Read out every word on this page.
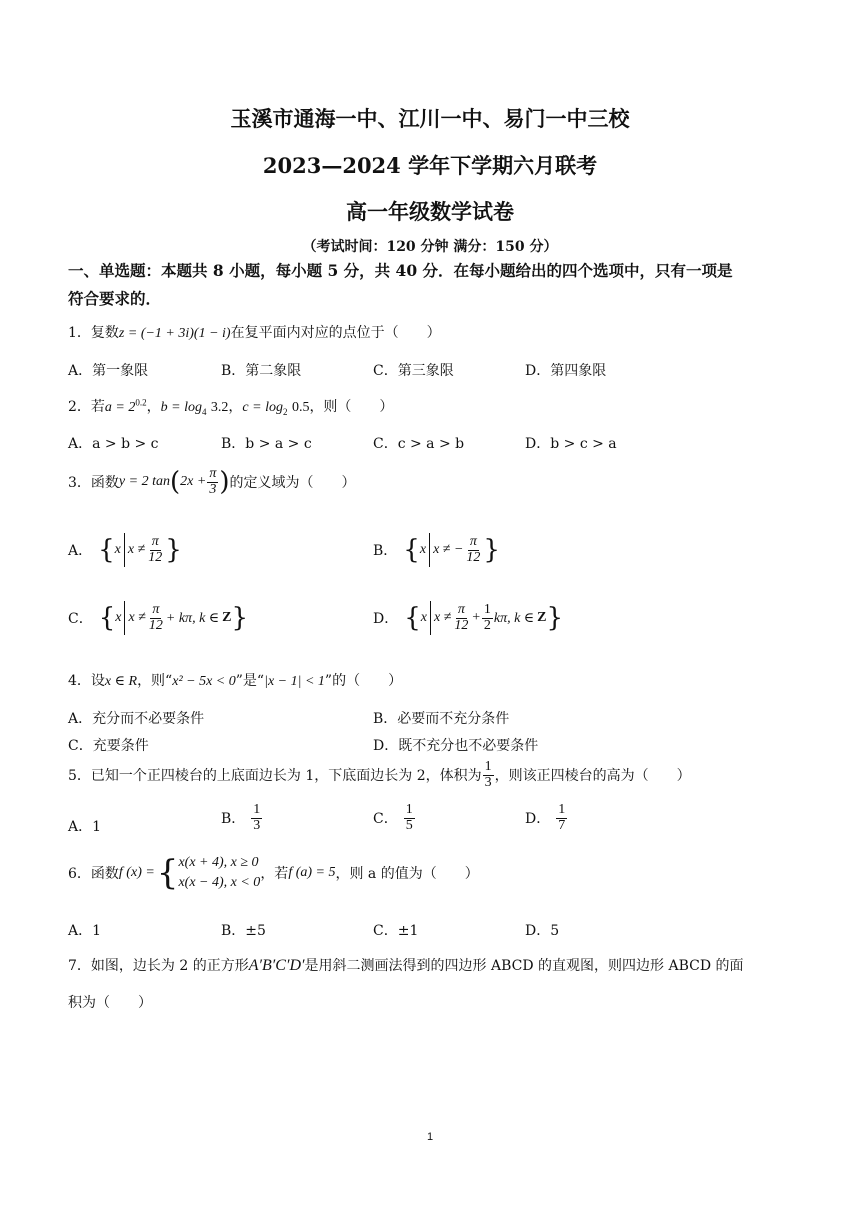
玉溪市通海一中、江川一中、易门一中三校
2023—2024 学年下学期六月联考
高一年级数学试卷
（考试时间：120 分钟 满分：150 分）
一、单选题：本题共 8 小题，每小题 5 分，共 40 分．在每小题给出的四个选项中，只有一项是
符合要求的．
1．复数z = (−1 + 3i)(1 − i)在复平面内对应的点位于（　　）
A．第一象限	B．第二象限	C．第三象限	D．第四象限
2．若$a = 2^{0.2}$，$b = \log_4 3.2$，$c = \log_2 0.5$，则（　　）
A．a > b > c	B．b > a > c	C．c > a > b	D．b > c > a
3． 函数 y = 2 tan ( $2x + \frac{\pi}{3}$ ) 的定义域为（　　）
A． { x $x \ne \frac{\pi}{12}$ }	B． { x x ≠ − $\frac{\pi}{12}$ }
C． { x $x \ne \frac{\pi}{12} + k\pi$, k ∈ Z }	D． { x $x \ne \frac{\pi}{12} + \frac{1}{2} k\pi$, k ∈ Z }
4．设x ∈ R，则“x² − 5x < 0”是“|x − 1| < 1”的（　　）
A．充分而不必要条件	B．必要而不充分条件
C．充要条件	D．既不充分也不必要条件
5． 已知一个正四棱台的上底面边长为 1，下底面边长为 2，体积为 $\frac{1}{3}$ ，则该正四棱台的高为（　　）
A．1	B． $\frac{1}{3}$	C． $\frac{1}{5}$	D． $\frac{1}{7}$
6． 函数 f (x) = { x(x + 4), x ≥ 0
x(x − 4), x < 0
，若 f (a) = 5 ，则 a 的值为（　　）
A．1	B．±5	C．±1	D．5
7．如图，边长为 2 的正方形A′B′C′D′是用斜二测画法得到的四边形 ABCD 的直观图，则四边形 ABCD 的面
积为（　　）
1
